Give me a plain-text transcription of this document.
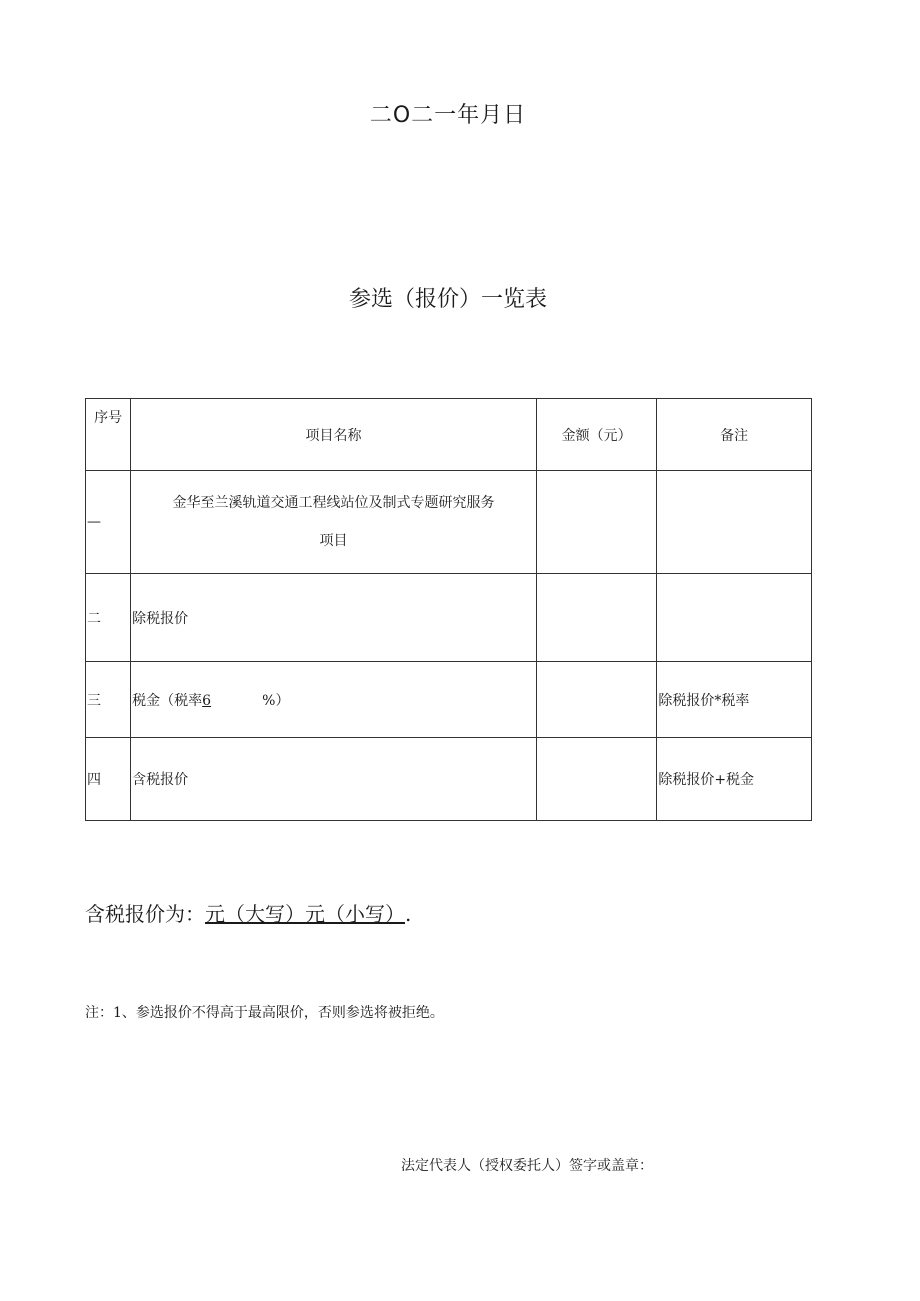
二O二一年月日
参选（报价）一览表
序号	项目名称	金额（元）	备注
—	金华至兰溪轨道交通工程线站位及制式专题研究服务
项目		

二	除税报价		
三	税金（税率6 %）		除税报价*税率
四	含税报价		除税报价+税金
含税报价为：元（大写）元（小写）.
注：1、参选报价不得高于最高限价，否则参选将被拒绝。
法定代表人（授权委托人）签字或盖章：
